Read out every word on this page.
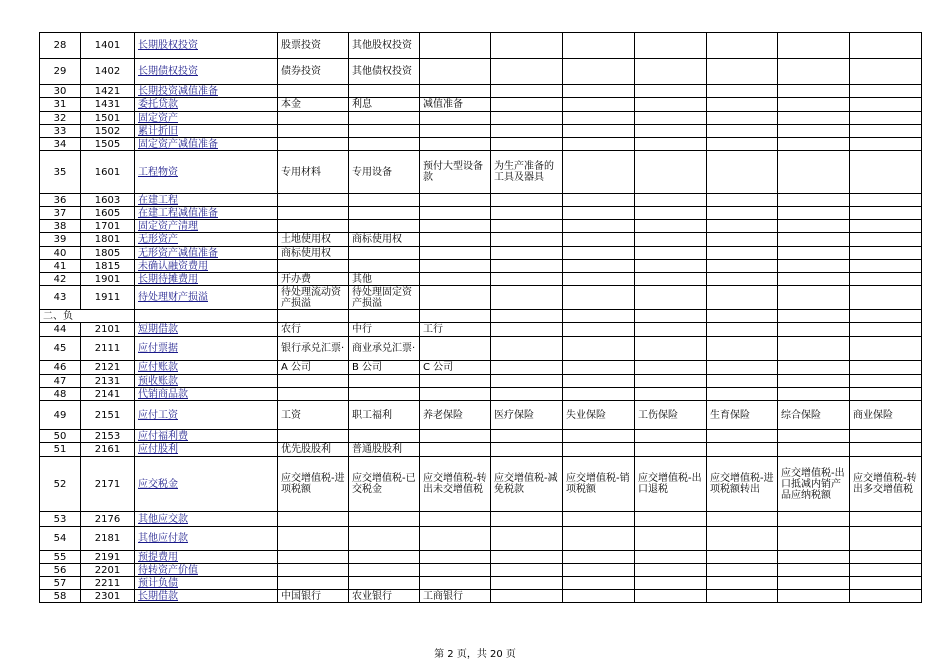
28	1401	长期股权投资	股票投资	其他股权投资							
29	1402	长期债权投资	债券投资	其他债权投资							
30	1421	长期投资减值准备									
31	1431	委托贷款	本金	利息	减值准备						
32	1501	固定资产									
33	1502	累计折旧									
34	1505	固定资产减值准备									
35	1601	工程物资	专用材料	专用设备	预付大型设备款	为生产准备的工具及器具					
36	1603	在建工程									
37	1605	在建工程减值准备									
38	1701	固定资产清理									
39	1801	无形资产	土地使用权	商标使用权							
40	1805	无形资产减值准备	商标使用权								
41	1815	未确认融资费用									
42	1901	长期待摊费用	开办费	其他							
43	1911	待处理财产损溢	待处理流动资产损溢	待处理固定资产损溢							
二、负											
44	2101	短期借款	农行	中行	工行						
45	2111	应付票据	银行承兑汇票·	商业承兑汇票·							
46	2121	应付账款	A 公司	B 公司	C 公司						
47	2131	预收账款									
48	2141	代销商品款									
49	2151	应付工资	工资	职工福利	养老保险	医疗保险	失业保险	工伤保险	生育保险	综合保险	商业保险
50	2153	应付福利费									
51	2161	应付股利	优先股股利	普通股股利							
52	2171	应交税金	应交增值税-进项税额	应交增值税-已交税金	应交增值税-转出未交增值税	应交增值税-减免税款	应交增值税-销项税额	应交增值税-出口退税	应交增值税-进项税额转出	应交增值税-出口抵减内销产品应纳税额	应交增值税-转出多交增值税
53	2176	其他应交款									
54	2181	其他应付款									
55	2191	预提费用									
56	2201	待转资产价值									
57	2211	预计负债									
58	2301	长期借款	中国银行	农业银行	工商银行						
第 2 页，共 20 页
